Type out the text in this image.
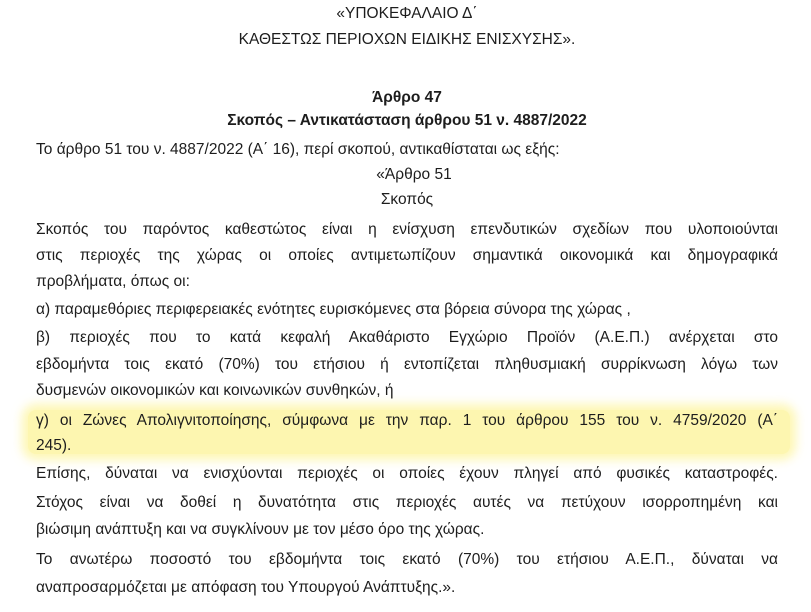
«ΥΠΟΚΕΦΑΛΑΙΟ Δ΄
ΚΑΘΕΣΤΩΣ ΠΕΡΙΟΧΩΝ ΕΙΔΙΚΗΣ ΕΝΙΣΧΥΣΗΣ».
Άρθρο 47
Σκοπός – Αντικατάσταση άρθρου 51 ν. 4887/2022
Το άρθρο 51 του ν. 4887/2022 (Α΄ 16), περί σκοπού, αντικαθίσταται ως εξής:
«Άρθρο 51
Σκοπός
Σκοπός του παρόντος καθεστώτος είναι η ενίσχυση επενδυτικών σχεδίων που υλοποιούνται
στις περιοχές της χώρας οι οποίες αντιμετωπίζουν σημαντικά οικονομικά και δημογραφικά
προβλήματα, όπως οι:
α) παραμεθόριες περιφερειακές ενότητες ευρισκόμενες στα βόρεια σύνορα της χώρας ,
β) περιοχές που το κατά κεφαλή Ακαθάριστο Εγχώριο Προϊόν (Α.Ε.Π.) ανέρχεται στο
εβδομήντα τοις εκατό (70%) του ετήσιου ή εντοπίζεται πληθυσμιακή συρρίκνωση λόγω των
δυσμενών οικονομικών και κοινωνικών συνθηκών, ή
γ) οι Ζώνες Απολιγνιτοποίησης, σύμφωνα με την παρ. 1 του άρθρου 155 του ν. 4759/2020 (Α΄
245).
Επίσης, δύναται να ενισχύονται περιοχές οι οποίες έχουν πληγεί από φυσικές καταστροφές.
Στόχος είναι να δοθεί η δυνατότητα στις περιοχές αυτές να πετύχουν ισορροπημένη και
βιώσιμη ανάπτυξη και να συγκλίνουν με τον μέσο όρο της χώρας.
Το ανωτέρω ποσοστό του εβδομήντα τοις εκατό (70%) του ετήσιου Α.Ε.Π., δύναται να
αναπροσαρμόζεται με απόφαση του Υπουργού Ανάπτυξης.».
